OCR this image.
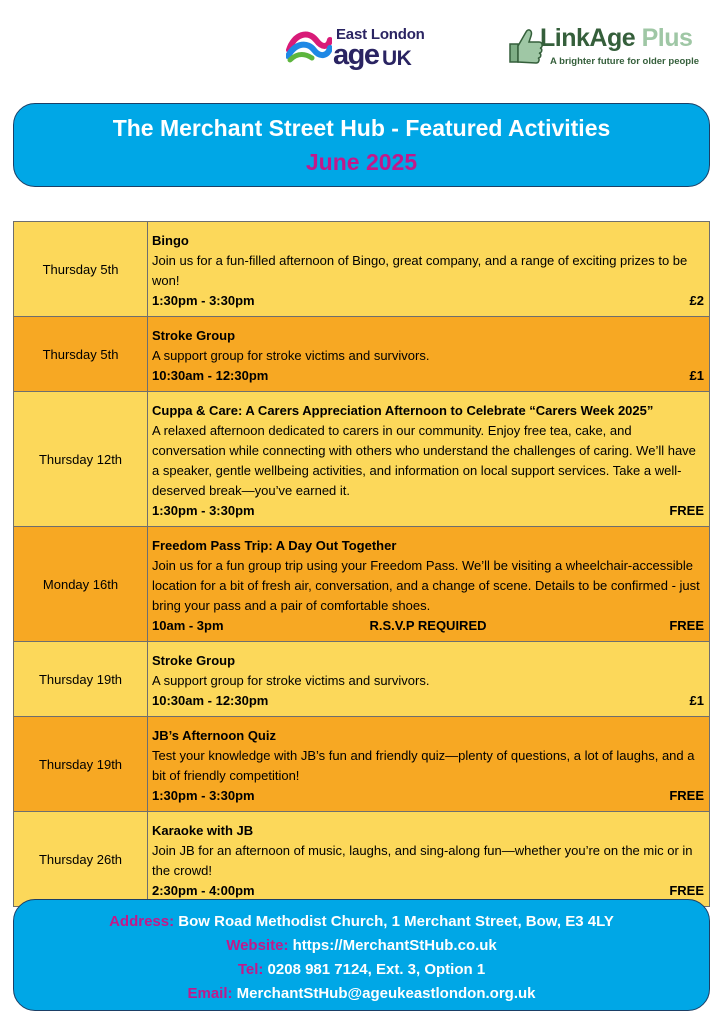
East London
age UK
LinkAge Plus
A brighter future for older people
The Merchant Street Hub - Featured Activities
June 2025
Thursday 5th
Bingo
Join us for a fun-filled afternoon of Bingo, great company, and a range of exciting prizes to be won!
1:30pm - 3:30pm	£2
Thursday 5th
Stroke Group
A support group for stroke victims and survivors.
10:30am - 12:30pm	£1
Thursday 12th
Cuppa & Care: A Carers Appreciation Afternoon to Celebrate “Carers Week 2025”
A relaxed afternoon dedicated to carers in our community. Enjoy free tea, cake, and conversation while connecting with others who understand the challenges of caring. We’ll have a speaker, gentle wellbeing activities, and information on local support services. Take a well-deserved break—you’ve earned it.
1:30pm - 3:30pm	FREE
Monday 16th
Freedom Pass Trip: A Day Out Together
Join us for a fun group trip using your Freedom Pass. We’ll be visiting a wheelchair-accessible location for a bit of fresh air, conversation, and a change of scene. Details to be confirmed - just bring your pass and a pair of comfortable shoes.
10am - 3pm	R.S.V.P REQUIRED	FREE
Thursday 19th
Stroke Group
A support group for stroke victims and survivors.
10:30am - 12:30pm	£1
Thursday 19th
JB’s Afternoon Quiz
Test your knowledge with JB’s fun and friendly quiz—plenty of questions, a lot of laughs, and a bit of friendly competition!
1:30pm - 3:30pm	FREE
Thursday 26th
Karaoke with JB
Join JB for an afternoon of music, laughs, and sing-along fun—whether you’re on the mic or in the crowd!
2:30pm - 4:00pm	FREE
Address: Bow Road Methodist Church, 1 Merchant Street, Bow, E3 4LY
Website: https://MerchantStHub.co.uk
Tel: 0208 981 7124, Ext. 3, Option 1
Email: MerchantStHub@ageukeastlondon.org.uk
